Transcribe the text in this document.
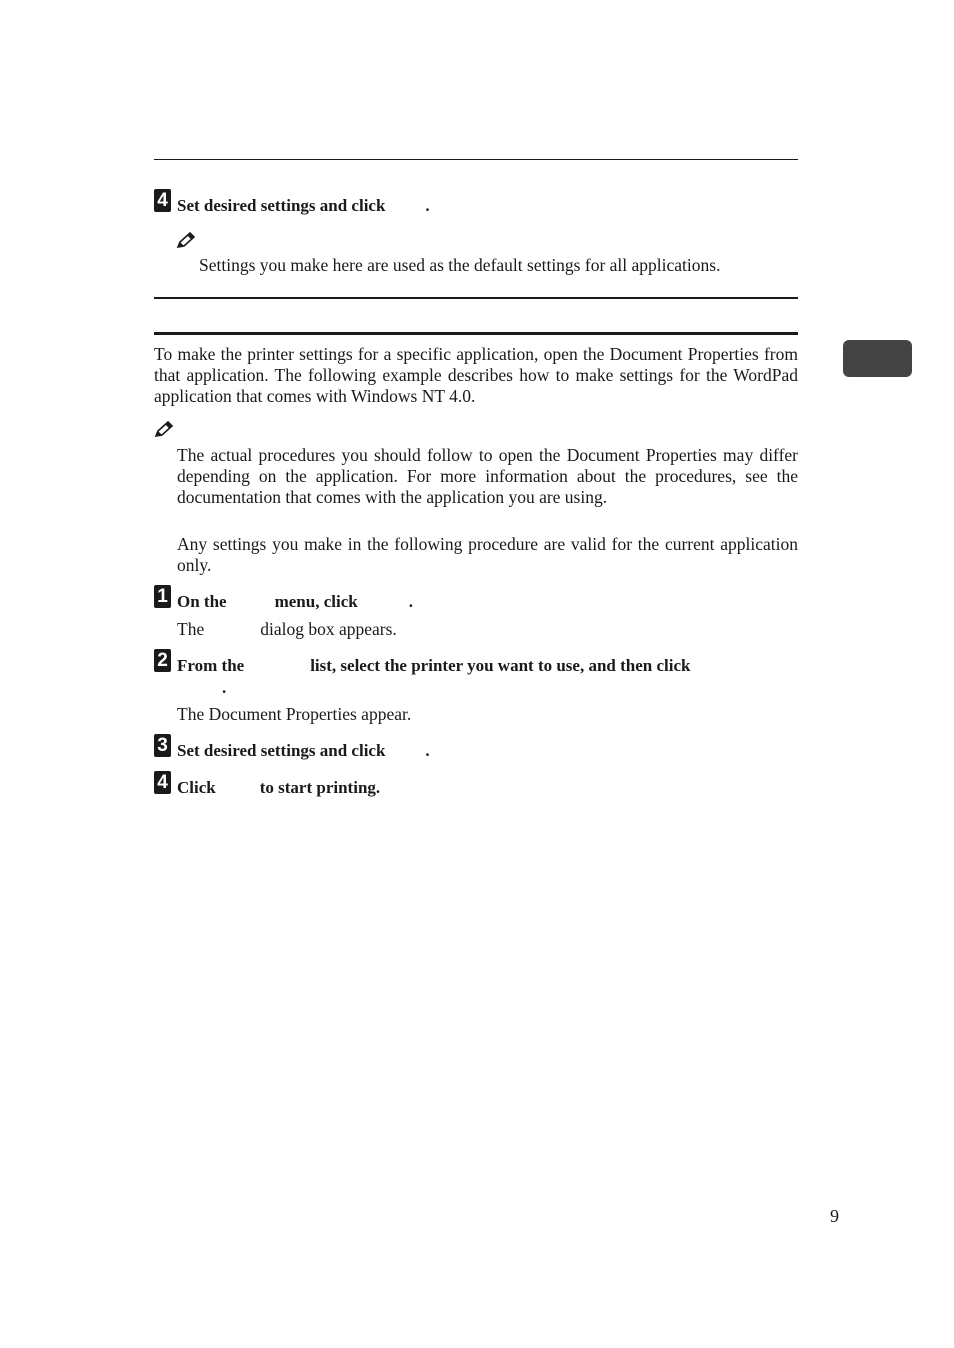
4 Set desired settings and click .
Settings you make here are used as the default settings for all applications.
To make the printer settings for a specific application, open the Document Properties from that application. The following example describes how to make settings for the WordPad application that comes with Windows NT 4.0.
The actual procedures you should follow to open the Document Properties may differ depending on the application. For more information about the procedures, see the documentation that comes with the application you are using.
Any settings you make in the following procedure are valid for the current application only.
1 On the	menu, click	.
The	dialog box appears.
2 From the	list, select the printer you want to use, and then click
.
The Document Properties appear.
3 Set desired settings and click .
4 Click	to start printing.
9
